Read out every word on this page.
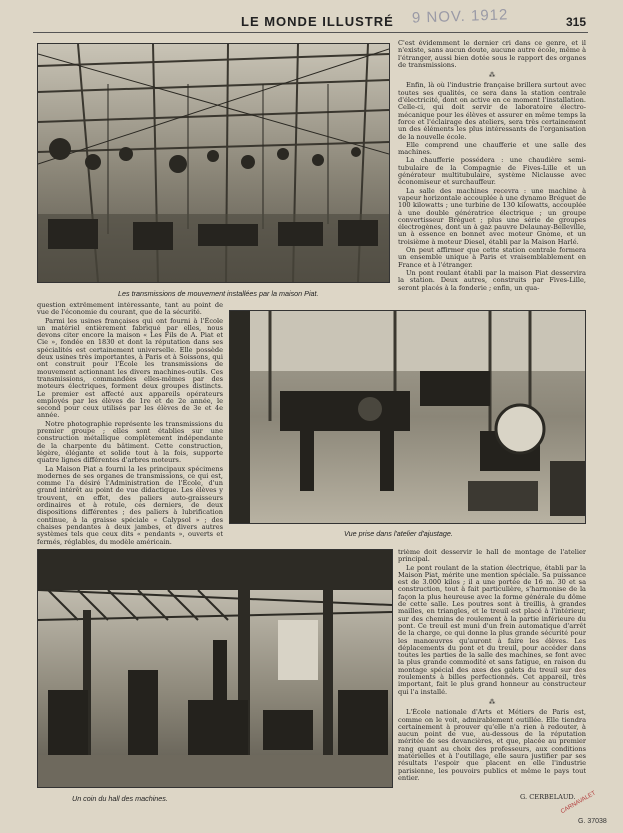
LE MONDE ILLUSTRÉ 9 NOV. 1912	315
Les transmissions de mouvement installées par la maison Piat.
Vue prise dans l'atelier d'ajustage.
Un coin du hall des machines.

question extrêmement intéressante, tant au point de vue de l'économie du courant, que de la sécurité.

Parmi les usines françaises qui ont fourni à l'École un matériel entièrement fabriqué par elles, nous devons citer encore la maison « Les Fils de A. Piat et Cie », fondée en 1830 et dont la réputation dans ses spécialités est certainement universelle. Elle possède deux usines très importantes, à Paris et à Soissons, qui ont construit pour l'École les transmissions de mouvement actionnant les divers machines-outils. Ces transmissions, commandées elles-mêmes par des moteurs électriques, forment deux groupes distincts. Le premier est affecté aux appareils opérateurs employés par les élèves de 1re et de 2e année, le second pour ceux utilisés par les élèves de 3e et 4e année.

Notre photographie représente les transmissions du premier groupe ; elles sont établies sur une construction métallique complètement indépendante de la charpente du bâtiment. Cette construction, légère, élégante et solide tout à la fois, supporte quatre lignes différentes d'arbres moteurs.

La Maison Piat a fourni la les principaux spécimens modernes de ses organes de transmissions, ce qui est, comme l'a désiré l'Administration de l'École, d'un grand intérêt au point de vue didactique. Les élèves y trouvent, en effet, des paliers auto-graisseurs ordinaires et à rotule, ces derniers, de deux dispositions différentes ; des paliers à lubrification continue, à la graisse spéciale « Calypsol » ; des chaises pendantes à deux jambes, et divers autres systèmes tels que ceux dits « pendants », ouverts et fermés, réglables, du modèle américain.

C'est évidemment le dernier cri dans ce genre, et il n'existe, sans aucun doute, aucune autre école, même à l'étranger, aussi bien dotée sous le rapport des organes de transmissions.

⁂

Enfin, là où l'industrie française brillera surtout avec toutes ses qualités, ce sera dans la station centrale d'électricité, dont on active en ce moment l'installation. Celle-ci, qui doit servir de laboratoire électro-mécanique pour les élèves et assurer en même temps la force et l'éclairage des ateliers, sera très certainement un des éléments les plus intéressants de l'organisation de la nouvelle école.

Elle comprend une chaufferie et une salle des machines.

La chaufferie possédera : une chaudière semi-tubulaire de la Compagnie de Fives-Lille et un générateur multitubulaire, système Niclausse avec économiseur et surchauffeur.

La salle des machines recevra : une machine à vapeur horizontale accouplée à une dynamo Bréguet de 100 kilowatts ; une turbine de 130 kilowatts, accouplée à une double génératrice électrique ; un groupe convertisseur Bréguet ; plus une série de groupes électrogènes, dont un à gaz pauvre Delaunay-Belleville, un à essence en bonnet avec moteur Gnome, et un troisième à moteur Diesel, établi par la Maison Harlé.

On peut affirmer que cette station centrale formera un ensemble unique à Paris et vraisemblablement en France et à l'étranger.

Un pont roulant établi par la maison Piat desservira la station. Deux autres, construits par Fives-Lille, seront placés à la fonderie ; enfin, un qua-

trième doit desservir le hall de montage de l'atelier principal.

Le pont roulant de la station électrique, établi par la Maison Piat, mérite une mention spéciale. Sa puissance est de 3.000 kilos ; il a une portée de 16 m. 30 et sa construction, tout à fait particulière, s'harmonise de la façon la plus heureuse avec la forme générale du dôme de cette salle. Les poutres sont à treillis, à grandes mailles, en triangles, et le treuil est placé à l'intérieur, sur des chemins de roulement à la partie inférieure du pont. Ce treuil est muni d'un frein automatique d'arrêt de la charge, ce qui donne la plus grande sécurité pour les manœuvres qu'auront à faire les élèves. Les déplacements du pont et du treuil, pour accéder dans toutes les parties de la salle des machines, se font avec la plus grande commodité et sans fatigue, en raison du montage spécial des axes des galets du treuil sur des roulements à billes perfectionnés. Cet appareil, très important, fait le plus grand honneur au constructeur qui l'a installé.

⁂

L'École nationale d'Arts et Métiers de Paris est, comme on le voit, admirablement outillée. Elle tiendra certainement à prouver qu'elle n'a rien à redouter, à aucun point de vue, au-dessous de la réputation méritée de ses devancières, et que, placée au premier rang quant au choix des professeurs, aux conditions matérielles et à l'outillage, elle saura justifier par ses résultats l'espoir que placent en elle l'industrie parisienne, les pouvoirs publics et même le pays tout entier.

G. CERBELAUD.
CARNAVALET
G. 37038
